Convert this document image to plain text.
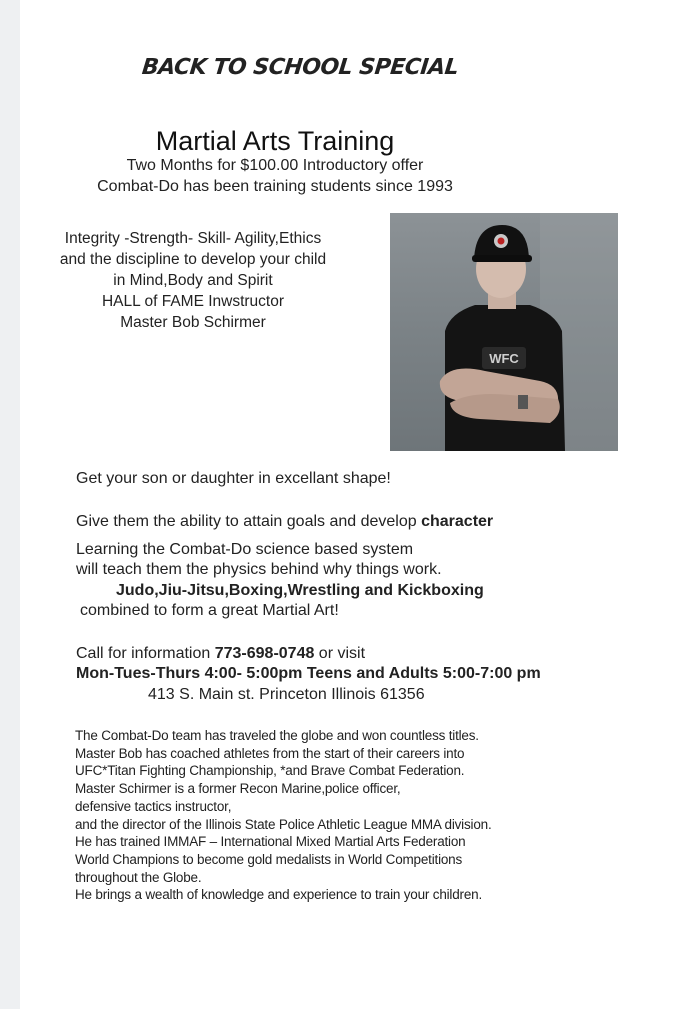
BACK TO SCHOOL SPECIAL
Martial Arts Training
Two Months for $100.00 Introductory offer
Combat-Do has been training students since 1993
Integrity -Strength- Skill- Agility,Ethics
and the discipline to develop your child
in Mind,Body and Spirit
HALL of FAME Inwstructor
Master Bob Schirmer
WFC
Get your son or daughter in excellant shape!
Give them the ability to attain goals and develop character
Learning the Combat-Do science based system
will teach them the physics behind why things work.
Judo,Jiu-Jitsu,Boxing,Wrestling and Kickboxing
combined to form a great Martial Art!
Call for information 773-698-0748 or visit
Mon-Tues-Thurs 4:00- 5:00pm Teens and Adults 5:00-7:00 pm
413 S. Main st. Princeton Illinois 61356
The Combat-Do team has traveled the globe and won countless titles.
Master Bob has coached athletes from the start of their careers into
UFC*Titan Fighting Championship, *and Brave Combat Federation.
Master Schirmer is a former Recon Marine,police officer,
defensive tactics instructor,
and the director of the Illinois State Police Athletic League MMA division.
He has trained IMMAF – International Mixed Martial Arts Federation
World Champions to become gold medalists in World Competitions
throughout the Globe.
He brings a wealth of knowledge and experience to train your children.
